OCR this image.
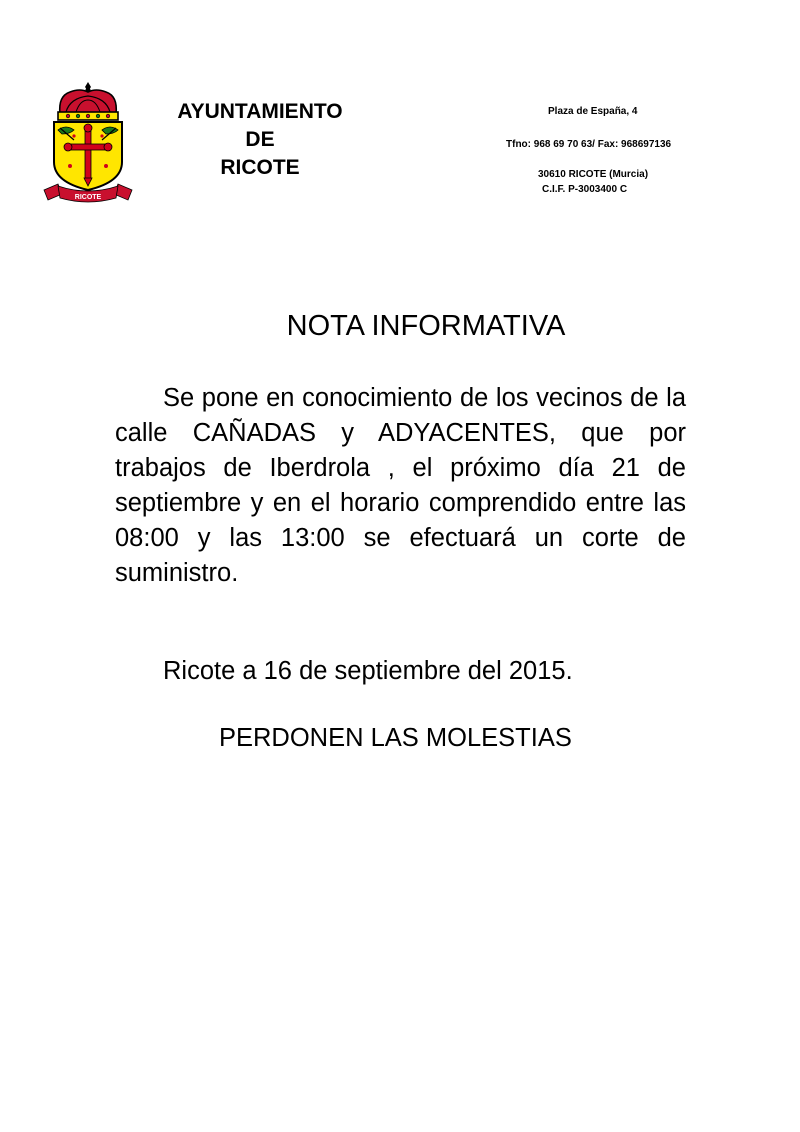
RICOTE
AYUNTAMIENTO
DE
RICOTE
Plaza de España, 4
Tfno: 968 69 70 63/ Fax: 968697136
30610 RICOTE (Murcia)
C.I.F. P-3003400 C
NOTA INFORMATIVA

Se pone en conocimiento de los vecinos de la calle CAÑADAS y ADYACENTES, que por trabajos de Iberdrola , el próximo día 21 de septiembre y en el horario comprendido entre las 08:00 y las 13:00 se efectuará un corte de suministro.

Ricote a 16 de septiembre del 2015.
PERDONEN LAS MOLESTIAS
